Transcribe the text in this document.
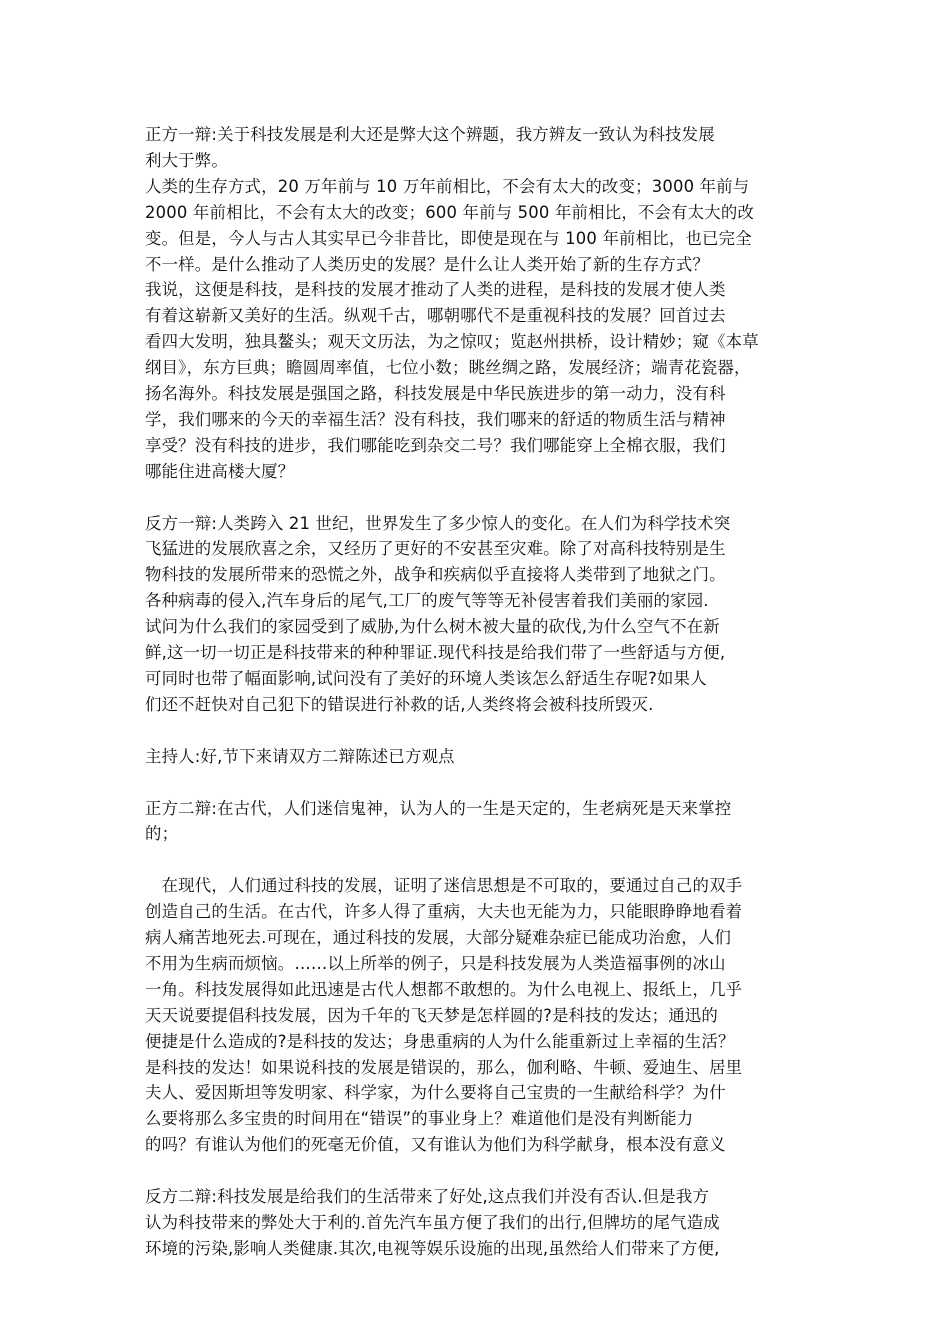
正方一辩:关于科技发展是利大还是弊大这个辨题，我方辨友一致认为科技发展
利大于弊。

人类的生存方式，20 万年前与 10 万年前相比，不会有太大的改变；3000 年前与
2000 年前相比，不会有太大的改变；600 年前与 500 年前相比，不会有太大的改
变。但是，今人与古人其实早已今非昔比，即使是现在与 100 年前相比，也已完全
不一样。是什么推动了人类历史的发展？是什么让人类开始了新的生存方式？

我说，这便是科技，是科技的发展才推动了人类的进程，是科技的发展才使人类
有着这崭新又美好的生活。纵观千古，哪朝哪代不是重视科技的发展？回首过去
看四大发明，独具鳌头；观天文历法，为之惊叹；览赵州拱桥，设计精妙；窥《本草
纲目》，东方巨典；瞻圆周率值，七位小数；眺丝绸之路，发展经济；端青花瓷器，
扬名海外。科技发展是强国之路，科技发展是中华民族进步的第一动力，没有科
学，我们哪来的今天的幸福生活？没有科技，我们哪来的舒适的物质生活与精神
享受？没有科技的进步，我们哪能吃到杂交二号？我们哪能穿上全棉衣服，我们
哪能住进高楼大厦？

反方一辩:人类跨入 21 世纪，世界发生了多少惊人的变化。在人们为科学技术突
飞猛进的发展欣喜之余，又经历了更好的不安甚至灾难。除了对高科技特别是生
物科技的发展所带来的恐慌之外，战争和疾病似乎直接将人类带到了地狱之门。
各种病毒的侵入,汽车身后的尾气,工厂的废气等等无补侵害着我们美丽的家园.
试问为什么我们的家园受到了威胁,为什么树木被大量的砍伐,为什么空气不在新
鲜,这一切一切正是科技带来的种种罪证.现代科技是给我们带了一些舒适与方便,
可同时也带了幅面影响,试问没有了美好的环境人类该怎么舒适生存呢?如果人
们还不赶快对自己犯下的错误进行补救的话,人类终将会被科技所毁灭.

主持人:好,节下来请双方二辩陈述已方观点

正方二辩:在古代，人们迷信鬼神，认为人的一生是天定的，生老病死是天来掌控
的；

　在现代，人们通过科技的发展，证明了迷信思想是不可取的，要通过自己的双手
创造自己的生活。在古代，许多人得了重病，大夫也无能为力，只能眼睁睁地看着
病人痛苦地死去.可现在，通过科技的发展，大部分疑难杂症已能成功治愈，人们
不用为生病而烦恼。……以上所举的例子，只是科技发展为人类造福事例的冰山
一角。科技发展得如此迅速是古代人想都不敢想的。为什么电视上、报纸上，几乎
天天说要提倡科技发展，因为千年的飞天梦是怎样圆的?是科技的发达；通迅的
便捷是什么造成的?是科技的发达；身患重病的人为什么能重新过上幸福的生活？
是科技的发达！如果说科技的发展是错误的，那么，伽利略、牛顿、爱迪生、居里
夫人、爱因斯坦等发明家、科学家，为什么要将自己宝贵的一生献给科学？为什
么要将那么多宝贵的时间用在“错误”的事业身上？难道他们是没有判断能力
的吗？有谁认为他们的死毫无价值，又有谁认为他们为科学献身，根本没有意义

反方二辩:科技发展是给我们的生活带来了好处,这点我们并没有否认.但是我方
认为科技带来的弊处大于利的.首先汽车虽方便了我们的出行,但牌坊的尾气造成
环境的污染,影响人类健康.其次,电视等娱乐设施的出现,虽然给人们带来了方便,
